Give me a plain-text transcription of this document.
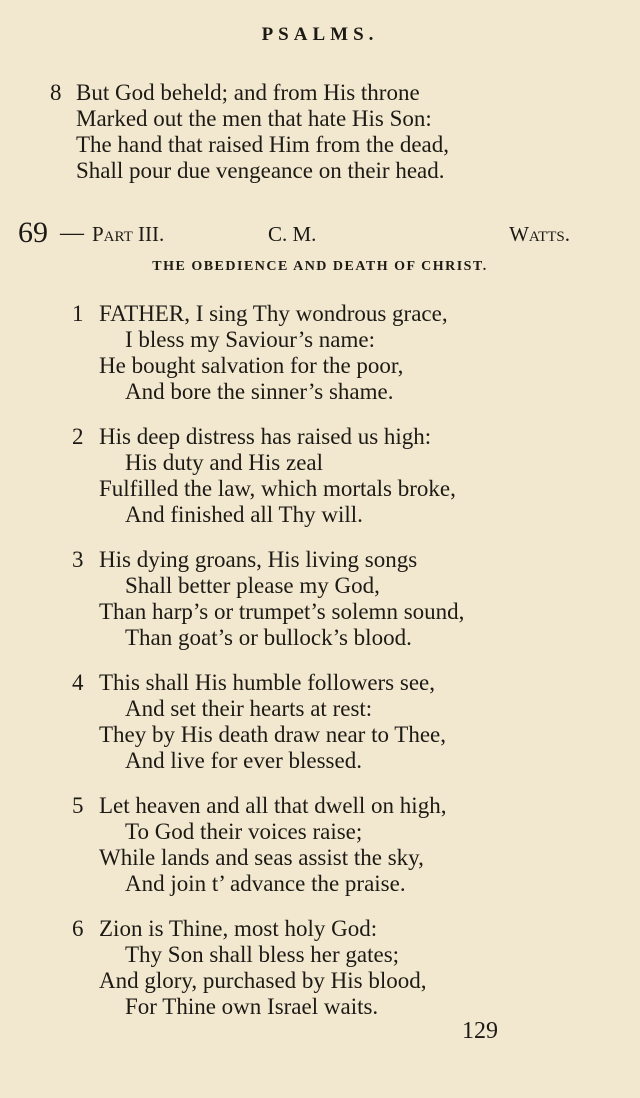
PSALMS.
8 But God beheld; and from His throne
Marked out the men that hate His Son:
The hand that raised Him from the dead,
Shall pour due vengeance on their head.
69 — Part III.	C. M.	Watts.
THE OBEDIENCE AND DEATH OF CHRIST.
1 FATHER, I sing Thy wondrous grace,
I bless my Saviour’s name:
He bought salvation for the poor,
And bore the sinner’s shame.
2 His deep distress has raised us high:
His duty and His zeal
Fulfilled the law, which mortals broke,
And finished all Thy will.
3 His dying groans, His living songs
Shall better please my God,
Than harp’s or trumpet’s solemn sound,
Than goat’s or bullock’s blood.
4 This shall His humble followers see,
And set their hearts at rest:
They by His death draw near to Thee,
And live for ever blessed.
5 Let heaven and all that dwell on high,
To God their voices raise;
While lands and seas assist the sky,
And join t’ advance the praise.
6 Zion is Thine, most holy God:
Thy Son shall bless her gates;
And glory, purchased by His blood,
For Thine own Israel waits.
129
